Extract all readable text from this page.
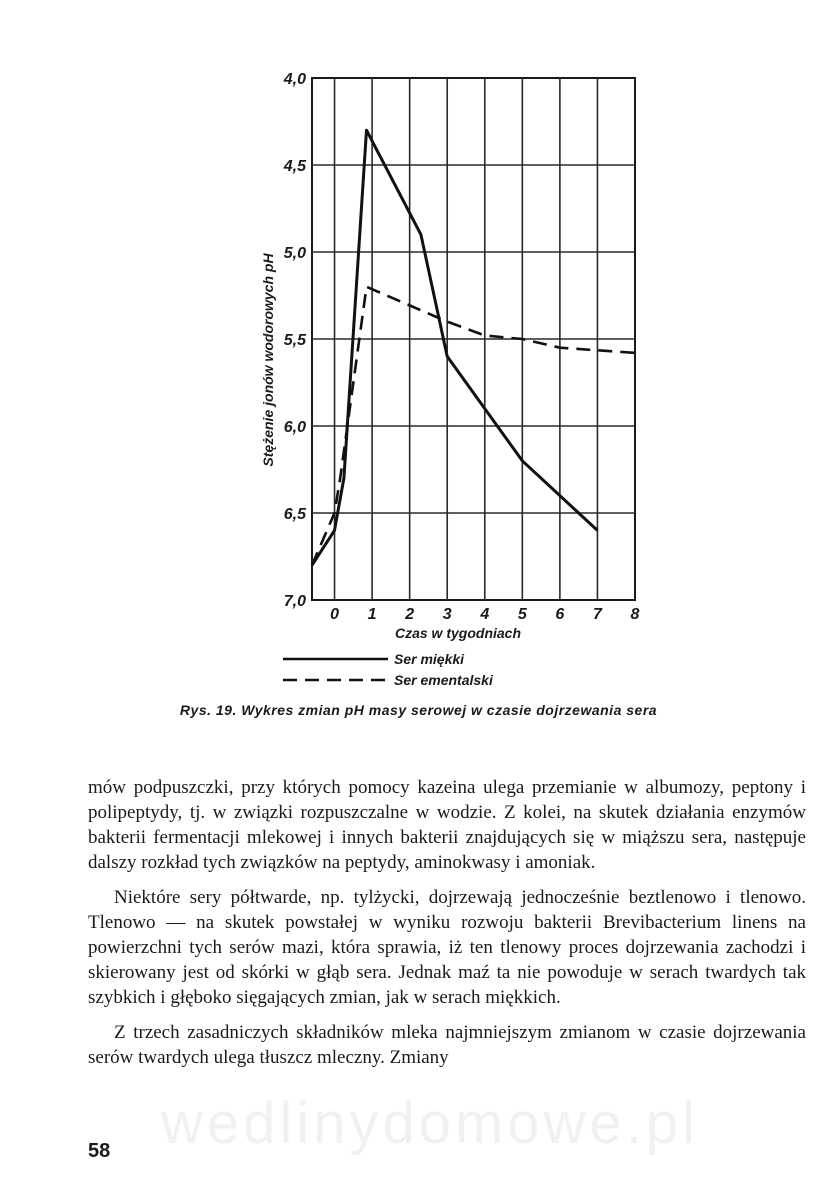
0 1 2 3 4 5 6 7 8
4,0
4,5
5,0
5,5
6,0
6,5
7,0
Ser miękki
Ser ementalski
Stężenie jonów wodorowych pH
Czas w tygodniach
Rys. 19. Wykres zmian pH masy serowej w czasie dojrzewania sera

mów podpuszczki, przy których pomocy kazeina ulega przemianie w albumozy, peptony i polipeptydy, tj. w związki rozpuszczalne w wodzie. Z kolei, na skutek działania enzymów bakterii fermentacji mlekowej i innych bakterii znajdujących się w miąższu sera, następuje dalszy rozkład tych związków na peptydy, aminokwasy i amoniak.

Niektóre sery półtwarde, np. tylżycki, dojrzewają jednocześnie beztlenowo i tlenowo. Tlenowo — na skutek powstałej w wyniku rozwoju bakterii Brevibacterium linens na powierzchni tych serów mazi, która sprawia, iż ten tlenowy proces dojrzewania zachodzi i skierowany jest od skórki w głąb sera. Jednak maź ta nie powoduje w serach twardych tak szybkich i głęboko sięgających zmian, jak w serach miękkich.

Z trzech zasadniczych składników mleka najmniejszym zmianom w czasie dojrzewania serów twardych ulega tłuszcz mleczny. Zmiany

wedlinydomowe.pl
58
